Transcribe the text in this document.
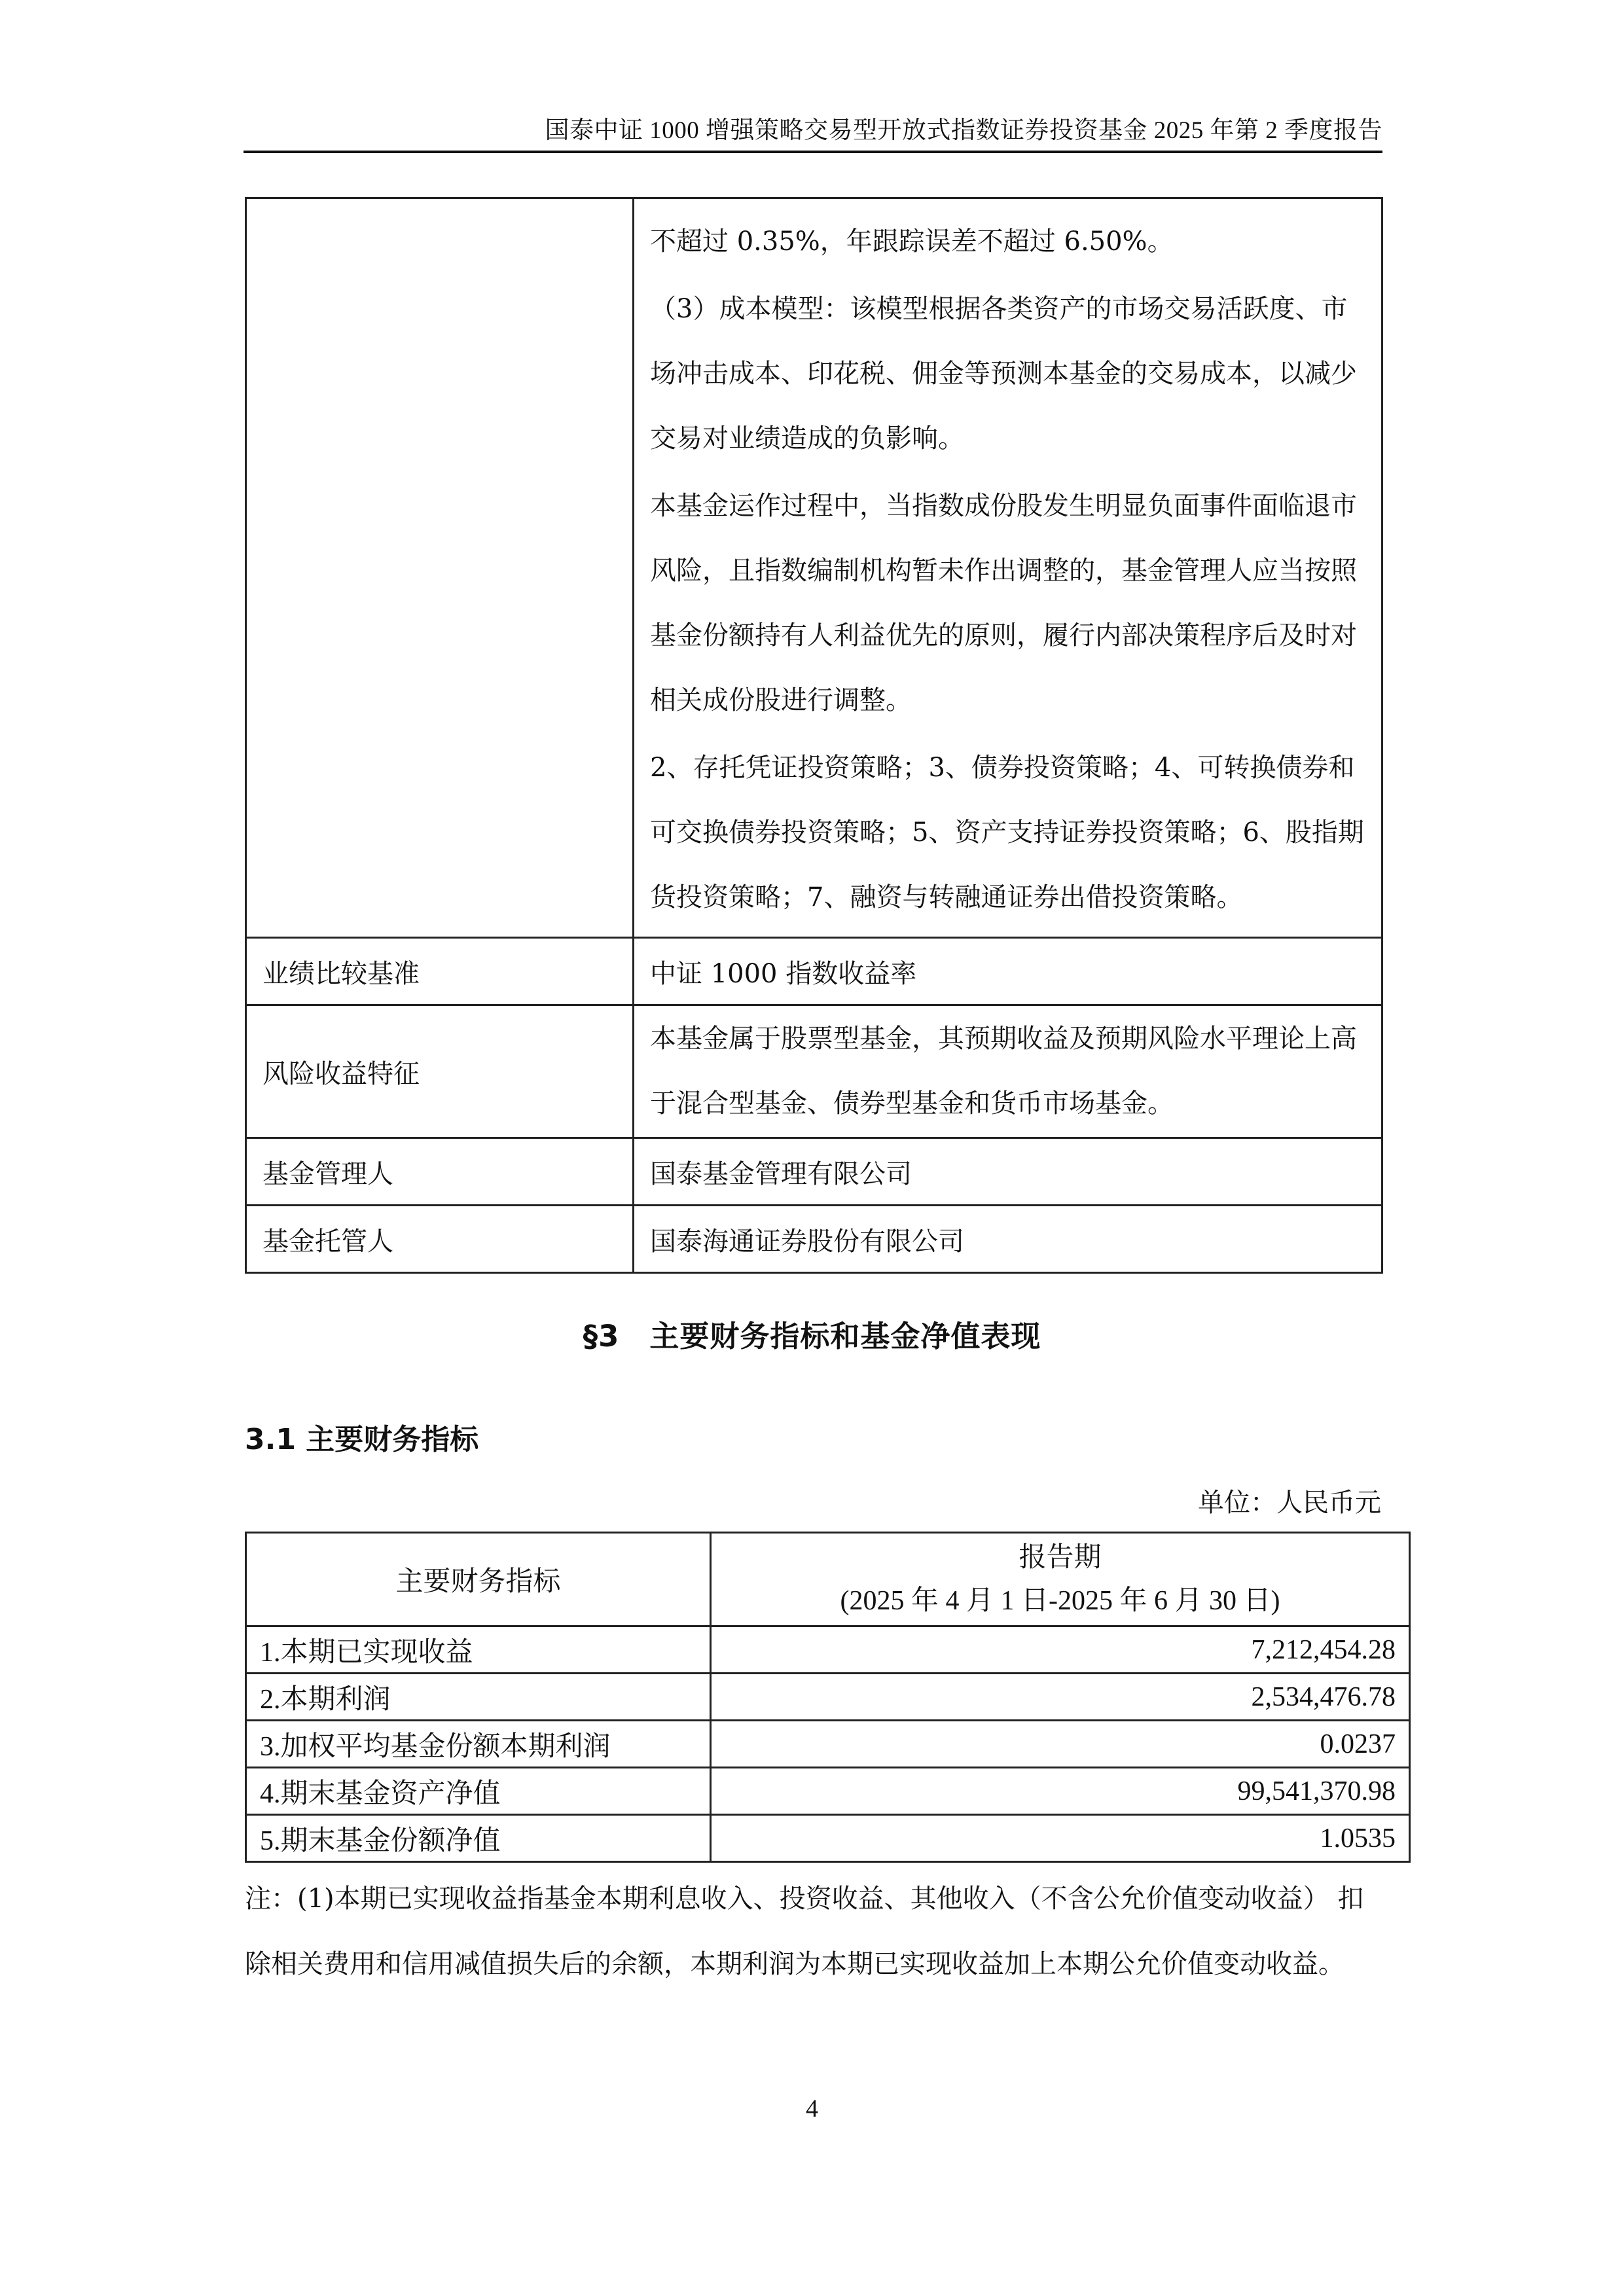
国泰中证 1000 增强策略交易型开放式指数证券投资基金 2025 年第 2 季度报告

	不超过 0.35%，年跟踪误差不超过 6.50%。

（3）成本模型：该模型根据各类资产的市场交易活跃度、市场冲击成本、印花税、佣金等预测本基金的交易成本，以减少交易对业绩造成的负影响。

本基金运作过程中，当指数成份股发生明显负面事件面临退市风险，且指数编制机构暂未作出调整的，基金管理人应当按照基金份额持有人利益优先的原则，履行内部决策程序后及时对相关成份股进行调整。

2、存托凭证投资策略；3、债券投资策略；4、可转换债券和可交换债券投资策略；5、资产支持证券投资策略；6、股指期货投资策略；7、融资与转融通证券出借投资策略。

业绩比较基准	中证 1000 指数收益率
风险收益特征	本基金属于股票型基金，其预期收益及预期风险水平理论上高于混合型基金、债券型基金和货币市场基金。

基金管理人	国泰基金管理有限公司
基金托管人	国泰海通证券股份有限公司
§3　主要财务指标和基金净值表现
3.1 主要财务指标
单位：人民币元
主要财务指标	报告期
(2025 年 4 月 1 日-2025 年 6 月 30 日)

1.本期已实现收益	7,212,454.28
2.本期利润	2,534,476.78
3.加权平均基金份额本期利润	0.0237
4.期末基金资产净值	99,541,370.98
5.期末基金份额净值	1.0535

注：(1)本期已实现收益指基金本期利息收入、投资收益、其他收入（不含公允价值变动收益） 扣除相关费用和信用减值损失后的余额，本期利润为本期已实现收益加上本期公允价值变动收益。

4
